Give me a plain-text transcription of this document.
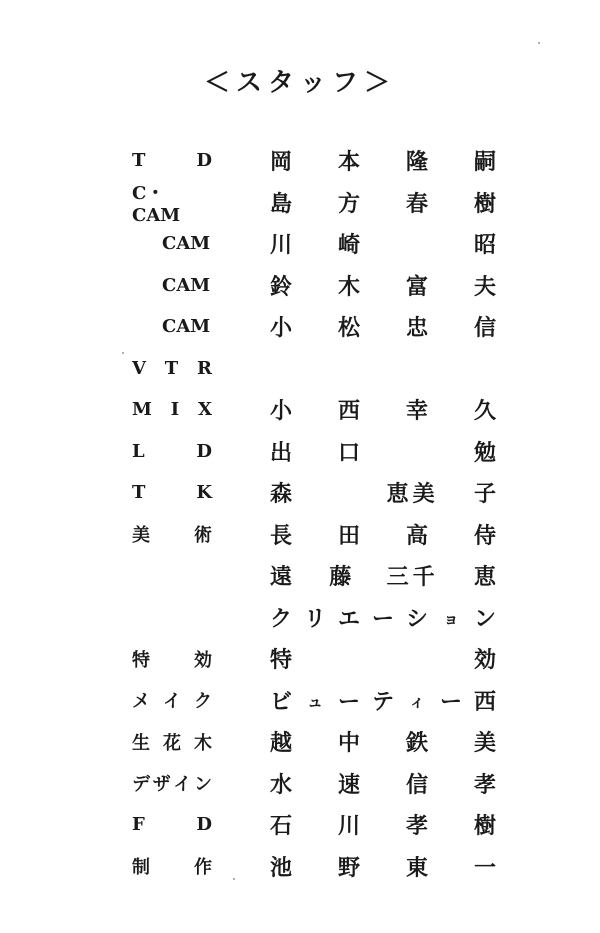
＜スタッフ＞
T	D	岡 本 隆 嗣
C・CAM	島 方 春 樹
CAM	川 崎	昭
CAM	鈴 木 富 夫
CAM	小 松 忠 信
V T R
M I X	小 西 幸 久
L	D	出 口	勉
T	K	森	恵美 子
美 術	長 田 高 侍
遠 藤 三千 恵
ク リ エ ー シ ョ ン
特 効	特	効
メ イ ク	ビ ュ ー テ ィ ー 西
生 花 木	越 中 鉄 美
デ ザ イ ン	水 速 信 孝
F	D	石 川 孝 樹
制 作	池 野 東 一
